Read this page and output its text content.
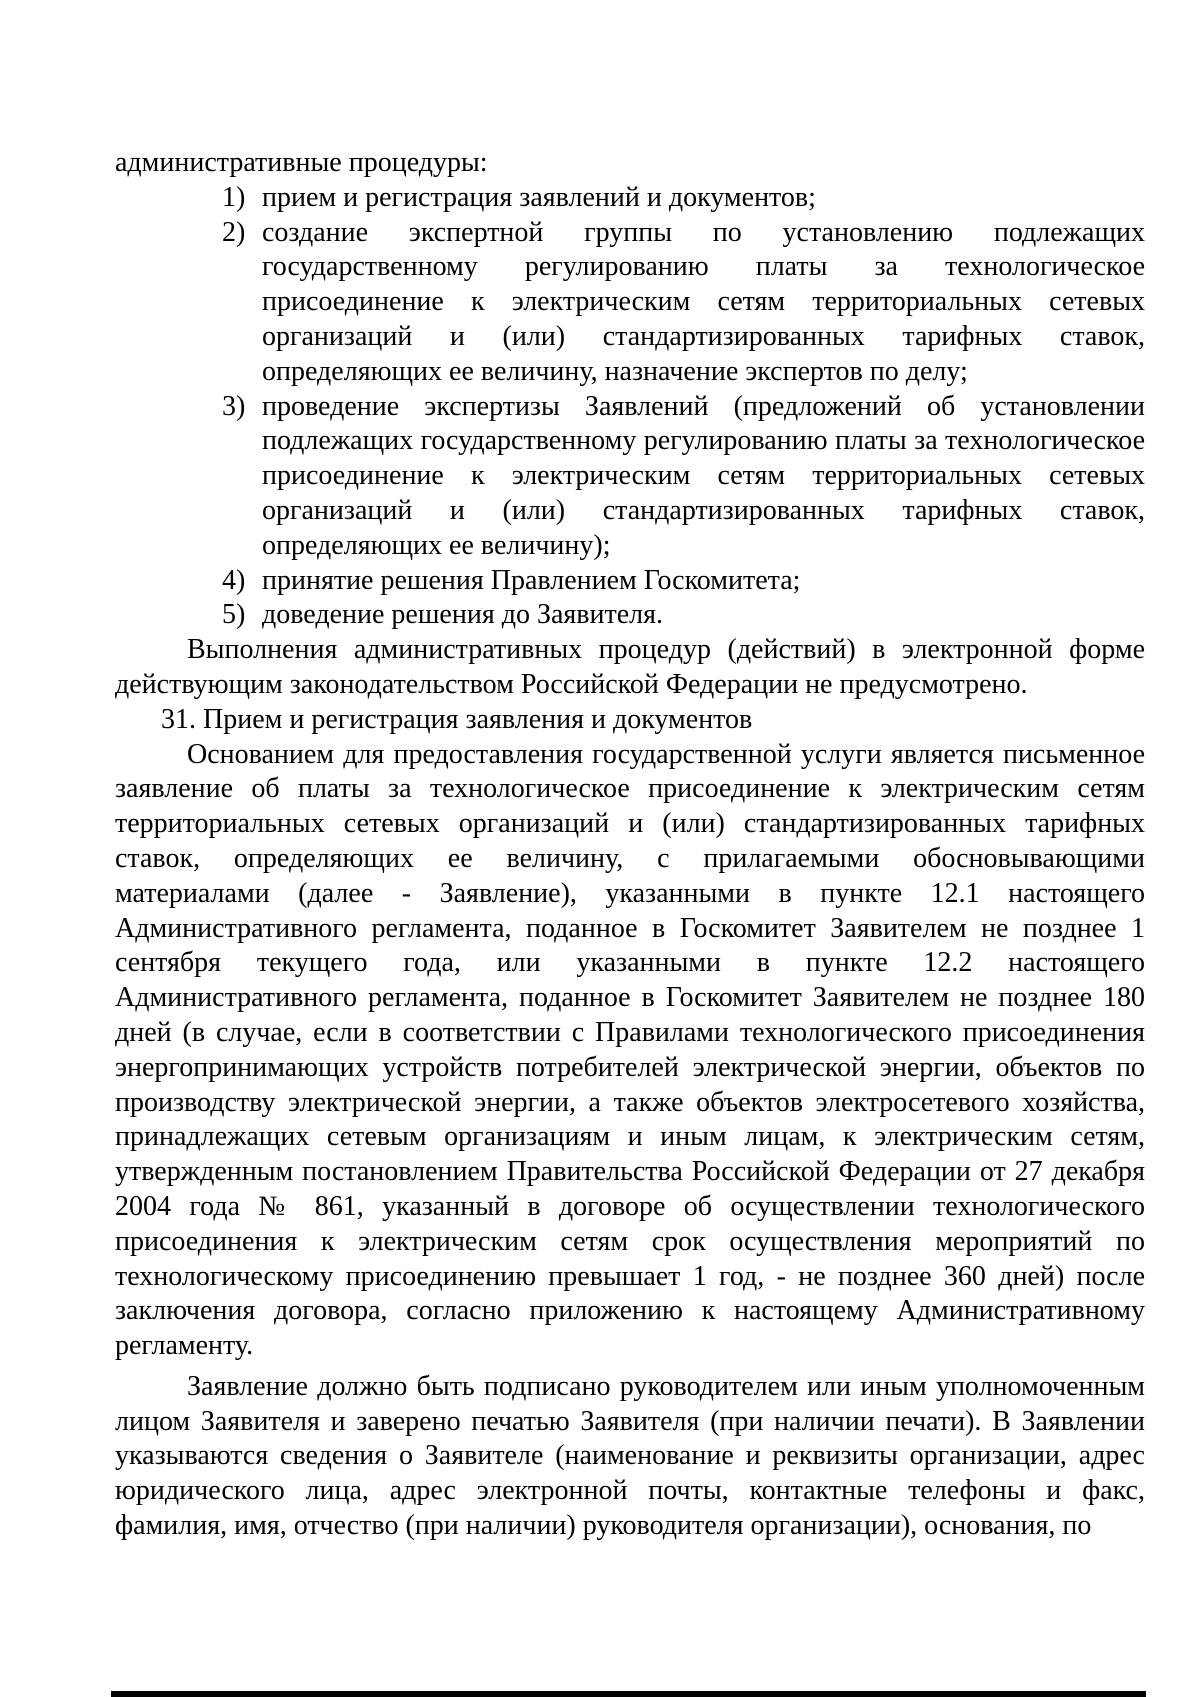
административные процедуры:

1) прием и регистрация заявлений и документов;
2) создание экспертной группы по установлению подлежащих государственному регулированию платы за технологическое присоединение к электрическим сетям территориальных сетевых организаций и (или) стандартизированных тарифных ставок, определяющих ее величину, назначение экспертов по делу;
3) проведение экспертизы Заявлений (предложений об установлении подлежащих государственному регулированию платы за технологическое присоединение к электрическим сетям территориальных сетевых организаций и (или) стандартизированных тарифных ставок, определяющих ее величину);
4) принятие решения Правлением Госкомитета;
5) доведение решения до Заявителя.

Выполнения административных процедур (действий) в электронной форме действующим законодательством Российской Федерации не предусмотрено.

31. Прием и регистрация заявления и документов

Основанием для предоставления государственной услуги является письменное заявление об платы за технологическое присоединение к электрическим сетям территориальных сетевых организаций и (или) стандартизированных тарифных ставок, определяющих ее величину, с прилагаемыми обосновывающими материалами (далее - Заявление), указанными в пункте 12.1 настоящего Административного регламента, поданное в Госкомитет Заявителем не позднее 1 сентября текущего года, или указанными в пункте 12.2 настоящего Административного регламента, поданное в Госкомитет Заявителем не позднее 180 дней (в случае, если в соответствии с Правилами технологического присоединения энергопринимающих устройств потребителей электрической энергии, объектов по производству электрической энергии, а также объектов электросетевого хозяйства, принадлежащих сетевым организациям и иным лицам, к электрическим сетям, утвержденным постановлением Правительства Российской Федерации от 27 декабря 2004 года № 861, указанный в договоре об осуществлении технологического присоединения к электрическим сетям срок осуществления мероприятий по технологическому присоединению превышает 1 год, - не позднее 360 дней) после заключения договора, согласно приложению к настоящему Административному регламенту.

Заявление должно быть подписано руководителем или иным уполномоченным лицом Заявителя и заверено печатью Заявителя (при наличии печати). В Заявлении указываются сведения о Заявителе (наименование и реквизиты организации, адрес юридического лица, адрес электронной почты, контактные телефоны и факс, фамилия, имя, отчество (при наличии) руководителя организации), основания, по
